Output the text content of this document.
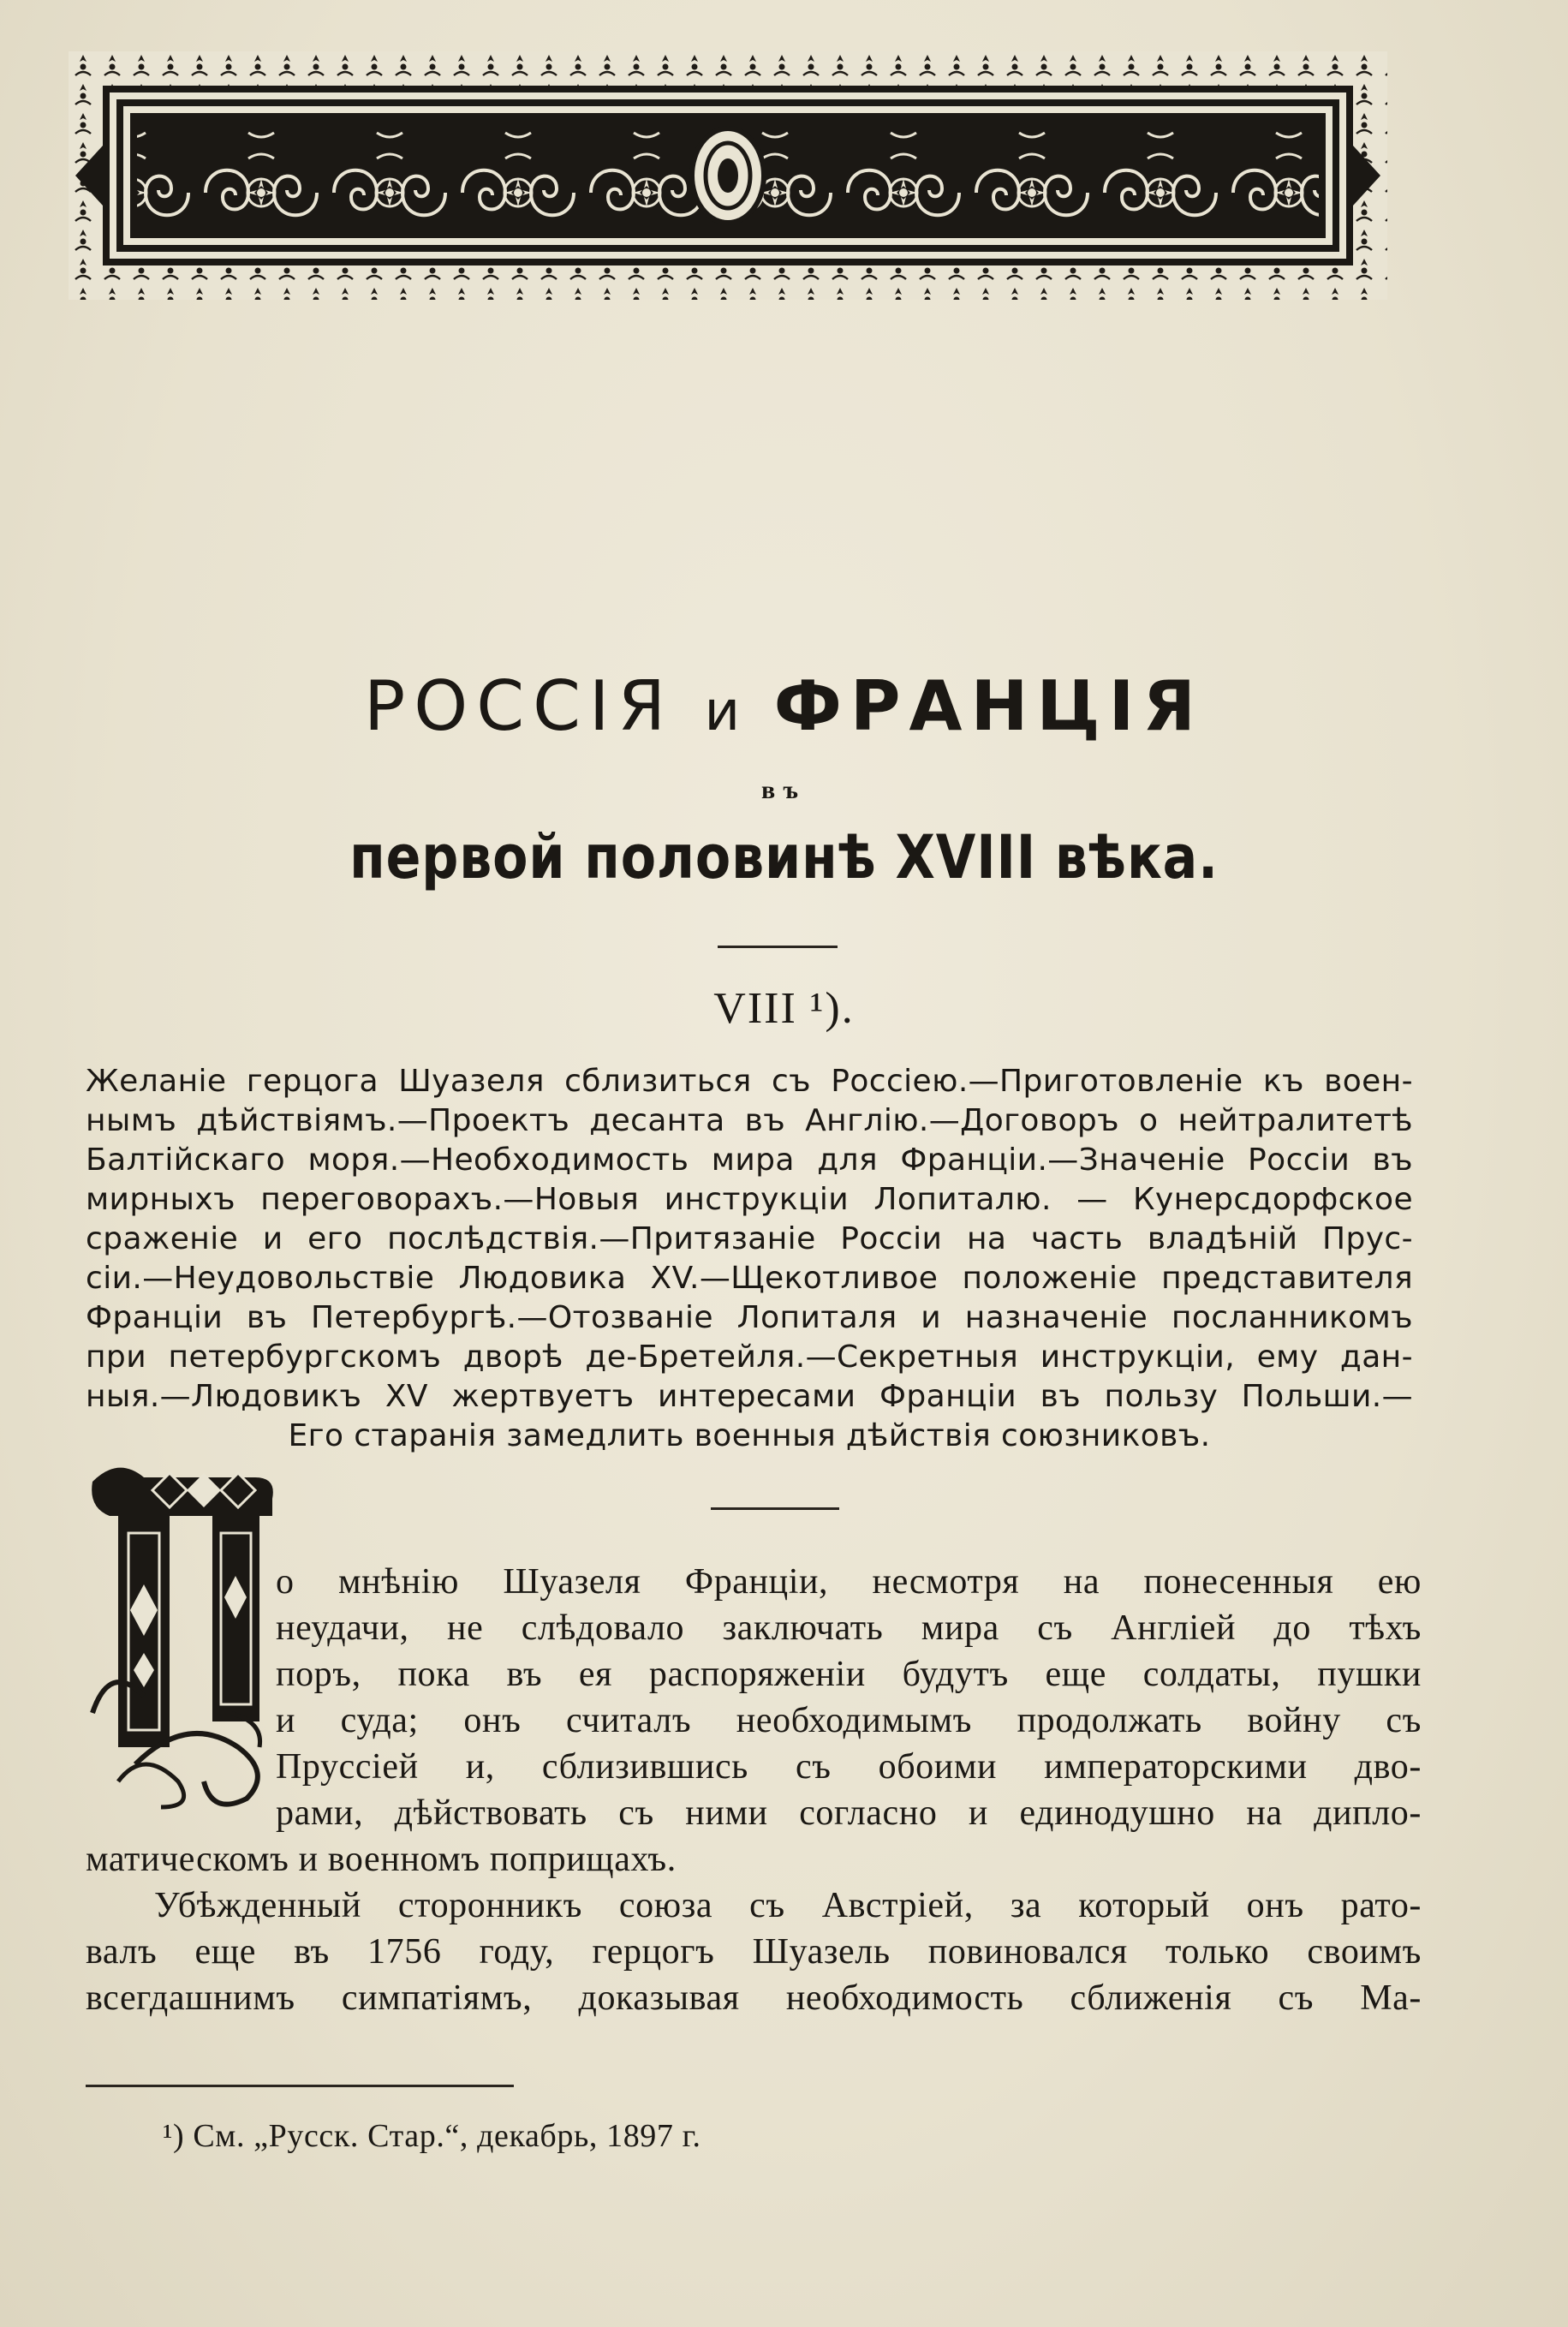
РОССІЯ и ФРАНЦІЯ
въ
первой половинѣ XVIII вѣка.
VIII ¹).
Желаніе герцога Шуазеля сблизиться съ Россіею.—Приготовленіе къ воен-
нымъ дѣйствіямъ.—Проектъ десанта въ Англію.—Договоръ о нейтралитетѣ
Балтійскаго моря.—Необходимость мира для Франціи.—Значеніе Россіи въ
мирныхъ переговорахъ.—Новыя инструкціи Лопиталю. — Кунерсдорфское
сраженіе и его послѣдствія.—Притязаніе Россіи на часть владѣній Прус-
сіи.—Неудовольствіе Людовика XV.—Щекотливое положеніе представителя
Франціи въ Петербургѣ.—Отозваніе Лопиталя и назначеніе посланникомъ
при петербургскомъ дворѣ де-Бретейля.—Секретныя инструкціи, ему дан-
ныя.—Людовикъ XV жертвуетъ интересами Франціи въ пользу Польши.—
Его старанія замедлить военныя дѣйствія союзниковъ.
о мнѣнію Шуазеля Франціи, несмотря на понесенныя ею
неудачи, не слѣдовало заключать мира съ Англіей до тѣхъ
поръ, пока въ ея распоряженіи будутъ еще солдаты, пушки
и суда; онъ считалъ необходимымъ продолжать войну съ
Пруссіей и, сблизившись съ обоими императорскими дво-
рами, дѣйствовать съ ними согласно и единодушно на дипло-
матическомъ и военномъ поприщахъ.
Убѣжденный сторонникъ союза съ Австріей, за который онъ рато-
валъ еще въ 1756 году, герцогъ Шуазель повиновался только своимъ
всегдашнимъ симпатіямъ, доказывая необходимость сближенія съ Ма-
¹) См. „Русск. Стар.“, декабрь, 1897 г.
